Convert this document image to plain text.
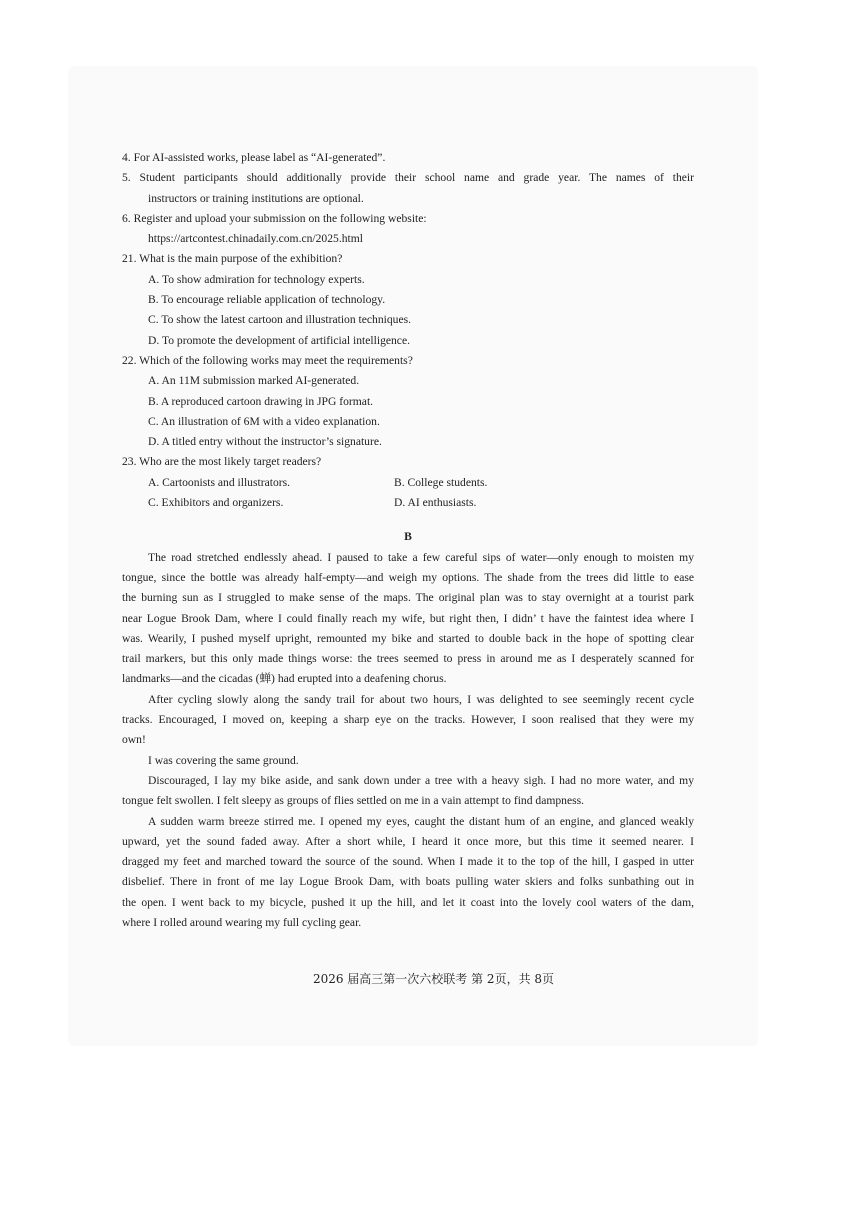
4. For AI-assisted works, please label as “AI-generated”.

5. Student participants should additionally provide their school name and grade year. The names of their

instructors or training institutions are optional.

6. Register and upload your submission on the following website:

https://artcontest.chinadaily.com.cn/2025.html

21. What is the main purpose of the exhibition?

A. To show admiration for technology experts.

B. To encourage reliable application of technology.

C. To show the latest cartoon and illustration techniques.

D. To promote the development of artificial intelligence.

22. Which of the following works may meet the requirements?

A. An 11M submission marked AI-generated.

B. A reproduced cartoon drawing in JPG format.

C. An illustration of 6M with a video explanation.

D. A titled entry without the instructor’s signature.

23. Who are the most likely target readers?

A. Cartoonists and illustrators.	B. College students.
C. Exhibitors and organizers.	D. AI enthusiasts.

B

The road stretched endlessly ahead. I paused to take a few careful sips of water—only enough to moisten my
tongue, since the bottle was already half-empty—and weigh my options. The shade from the trees did little to ease
the burning sun as I struggled to make sense of the maps. The original plan was to stay overnight at a tourist park
near Logue Brook Dam, where I could finally reach my wife, but right then, I didn’ t have the faintest idea where I
was. Wearily, I pushed myself upright, remounted my bike and started to double back in the hope of spotting clear
trail markers, but this only made things worse: the trees seemed to press in around me as I desperately scanned for
landmarks—and the cicadas (蝉) had erupted into a deafening chorus.

After cycling slowly along the sandy trail for about two hours, I was delighted to see seemingly recent cycle
tracks. Encouraged, I moved on, keeping a sharp eye on the tracks. However, I soon realised that they were my
own!

I was covering the same ground.

Discouraged, I lay my bike aside, and sank down under a tree with a heavy sigh. I had no more water, and my
tongue felt swollen. I felt sleepy as groups of flies settled on me in a vain attempt to find dampness.

A sudden warm breeze stirred me. I opened my eyes, caught the distant hum of an engine, and glanced weakly
upward, yet the sound faded away. After a short while, I heard it once more, but this time it seemed nearer. I
dragged my feet and marched toward the source of the sound. When I made it to the top of the hill, I gasped in utter
disbelief. There in front of me lay Logue Brook Dam, with boats pulling water skiers and folks sunbathing out in
the open. I went back to my bicycle, pushed it up the hill, and let it coast into the lovely cool waters of the dam,
where I rolled around wearing my full cycling gear.

2026 届高三第一次六校联考 第 2页，共 8页
